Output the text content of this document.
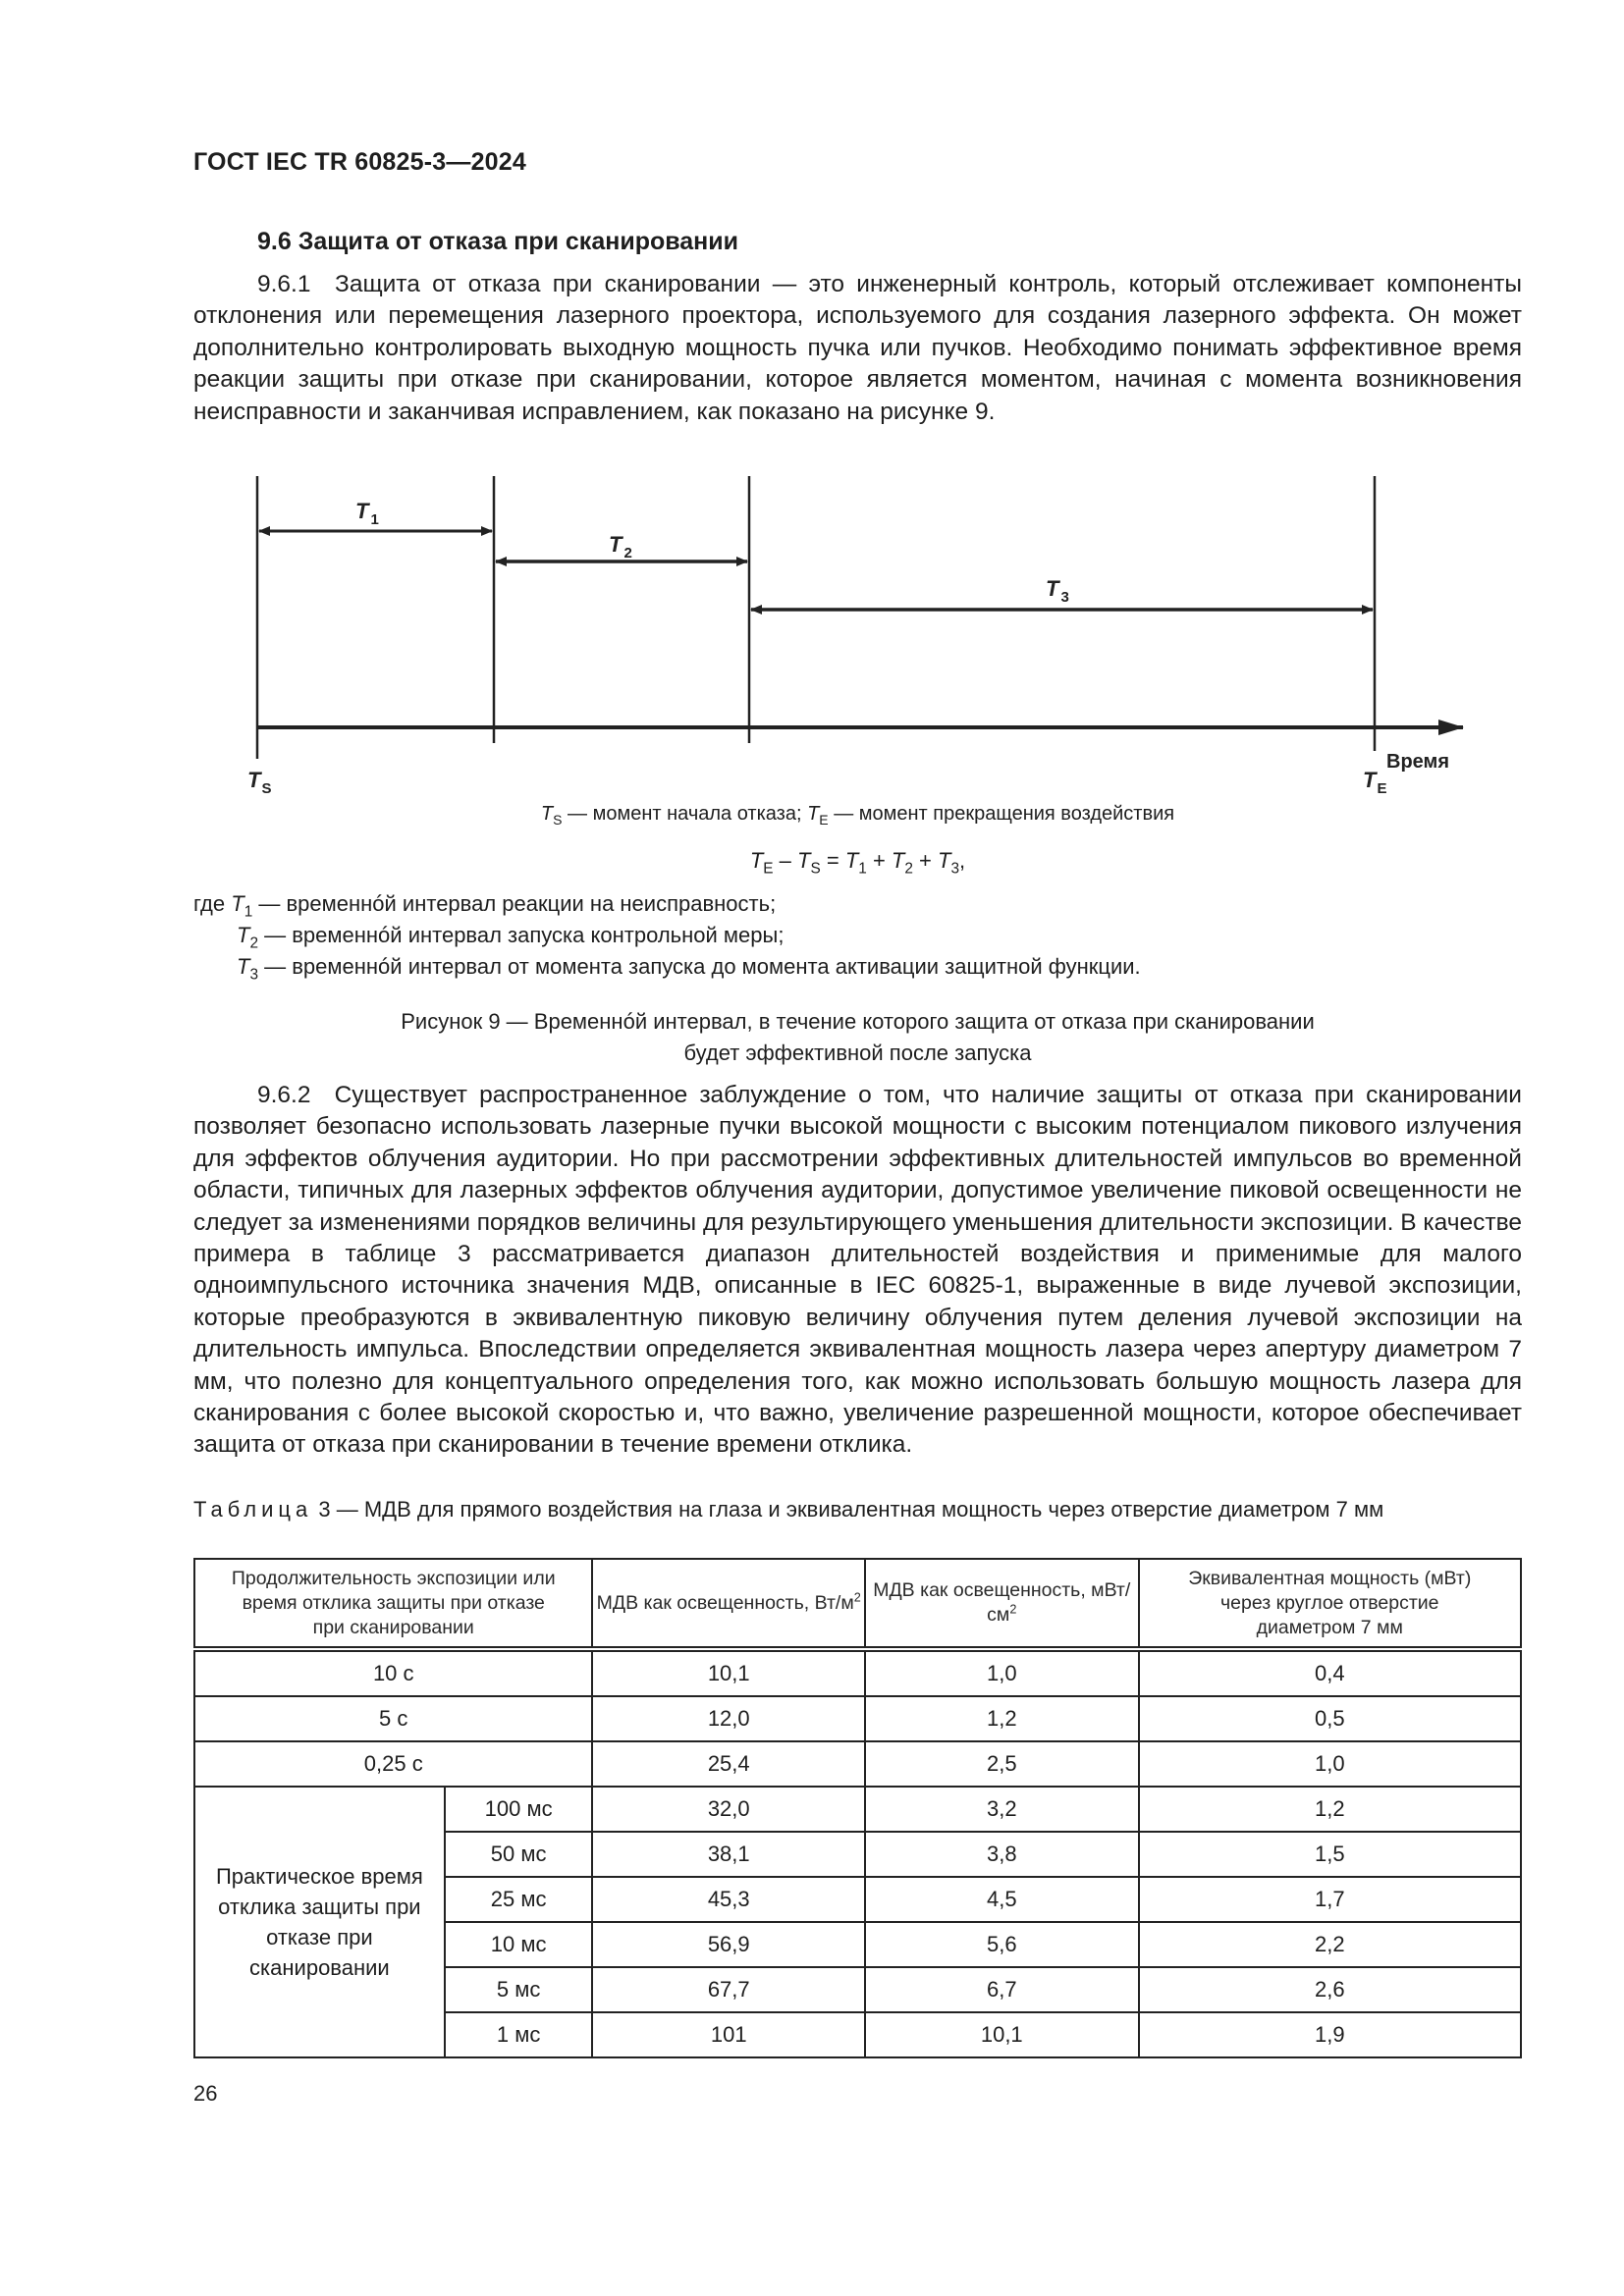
ГОСТ IEC TR 60825-3—2024
9.6 Защита от отказа при сканировании
9.6.1 Защита от отказа при сканировании — это инженерный контроль, который отслеживает компоненты отклонения или перемещения лазерного проектора, используемого для создания лазерного эффекта. Он может дополнительно контролировать выходную мощность пучка или пучков. Необходимо понимать эффективное время реакции защиты при отказе при сканировании, которое является моментом, начиная с момента возникновения неисправности и заканчивая исправлением, как показано на рисунке 9.
T $_1$
T $_2$
T $_3$
$T_S$	$T_E$
Время
$T_S$ — момент начала отказа; $T_E$ — момент прекращения воздействия
$T_E - T_S = T_1 + T_2 + T_3$,
где $T_1$ — временнóй интервал реакции на неисправность;
$T_2$ — временнóй интервал запуска контрольной меры;
$T_3$ — временнóй интервал от момента запуска до момента активации защитной функции.
Рисунок 9 — Временнóй интервал, в течение которого защита от отказа при сканировании
будет эффективной после запуска
9.6.2 Существует распространенное заблуждение о том, что наличие защиты от отказа при сканировании позволяет безопасно использовать лазерные пучки высокой мощности с высоким потенциалом пикового излучения для эффектов облучения аудитории. Но при рассмотрении эффективных длительностей импульсов во временной области, типичных для лазерных эффектов облучения аудитории, допустимое увеличение пиковой освещенности не следует за изменениями порядков величины для результирующего уменьшения длительности экспозиции. В качестве примера в таблице 3 рассматривается диапазон длительностей воздействия и применимые для малого одноимпульсного источника значения МДВ, описанные в IEC 60825-1, выраженные в виде лучевой экспозиции, которые преобразуются в эквивалентную пиковую величину облучения путем деления лучевой экспозиции на длительность импульса. Впоследствии определяется эквивалентная мощность лазера через апертуру диаметром 7 мм, что полезно для концептуального определения того, как можно использовать большую мощность лазера для сканирования с более высокой скоростью и, что важно, увеличение разрешенной мощности, которое обеспечивает защита от отказа при сканировании в течение времени отклика.
Таблица 3 — МДВ для прямого воздействия на глаза и эквивалентная мощность через отверстие диаметром 7 мм
Продолжительность экспозиции или время отклика защиты при отказе при сканировании		МДВ как освещенность, $Вт/м^2$	МДВ как освещенность, мВт/$см^2$	Эквивалентная мощность (мВт) через круглое отверстие диаметром 7 мм
10 с		10,1	1,0	0,4
5 с		12,0	1,2	0,5
0,25 с		25,4	2,5	1,0
Практическое время отклика защиты при отказе при сканировании	100 мс	32,0	3,2	1,2
	50 мс	38,1	3,8	1,5
	25 мс	45,3	4,5	1,7
	10 мс	56,9	5,6	2,2
	5 мс	67,7	6,7	2,6
	1 мс	101	10,1	1,9
26
